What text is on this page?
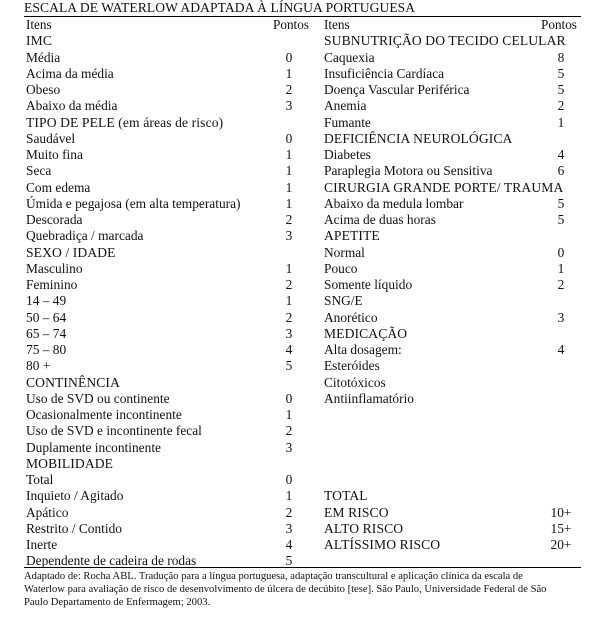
ESCALA DE WATERLOW ADAPTADA À LÍNGUA PORTUGUESA
Itens	Pontos
IMC
Média	0
Acima da média	1
Obeso	2
Abaixo da média	3
TIPO DE PELE (em áreas de risco)
Saudável	0
Muito fina	1
Seca	1
Com edema	1
Úmida e pegajosa (em alta temperatura)	1
Descorada	2
Quebradiça / marcada	3
SEXO / IDADE
Masculino	1
Feminino	2
14 – 49	1
50 – 64	2
65 – 74	3
75 – 80	4
80 +	5
CONTINÊNCIA
Uso de SVD ou continente	0
Ocasionalmente incontinente	1
Uso de SVD e incontinente fecal	2
Duplamente incontinente	3
MOBILIDADE
Total	0
Inquieto / Agitado	1
Apático	2
Restrito / Contido	3
Inerte	4
Dependente de cadeira de rodas	5
Itens	Pontos
SUBNUTRIÇÃO DO TECIDO CELULAR
Caquexia	8
Insuficiência Cardíaca	5
Doença Vascular Periférica	5
Anemia	2
Fumante	1
DEFICIÊNCIA NEUROLÓGICA
Diabetes	4
Paraplegia Motora ou Sensitiva	6
CIRURGIA GRANDE PORTE/ TRAUMA
Abaixo da medula lombar	5
Acima de duas horas	5
APETITE
Normal	0
Pouco	1
Somente líquido	2
SNG/E
Anorético	3
MEDICAÇÃO
Alta dosagem:	4
Esteróides
Citotóxicos
Antiinflamatório
TOTAL
EM RISCO	10+
ALTO RISCO	15+
ALTÍSSIMO RISCO	20+
Adaptado de: Rocha ABL. Tradução para a língua portuguesa, adaptação transcultural e aplicação clínica da escala de
Waterlow para avaliação de risco de desenvolvimento de úlcera de decúbito [tese]. São Paulo, Universidade Federal de São
Paulo Departamento de Enfermagem; 2003.
